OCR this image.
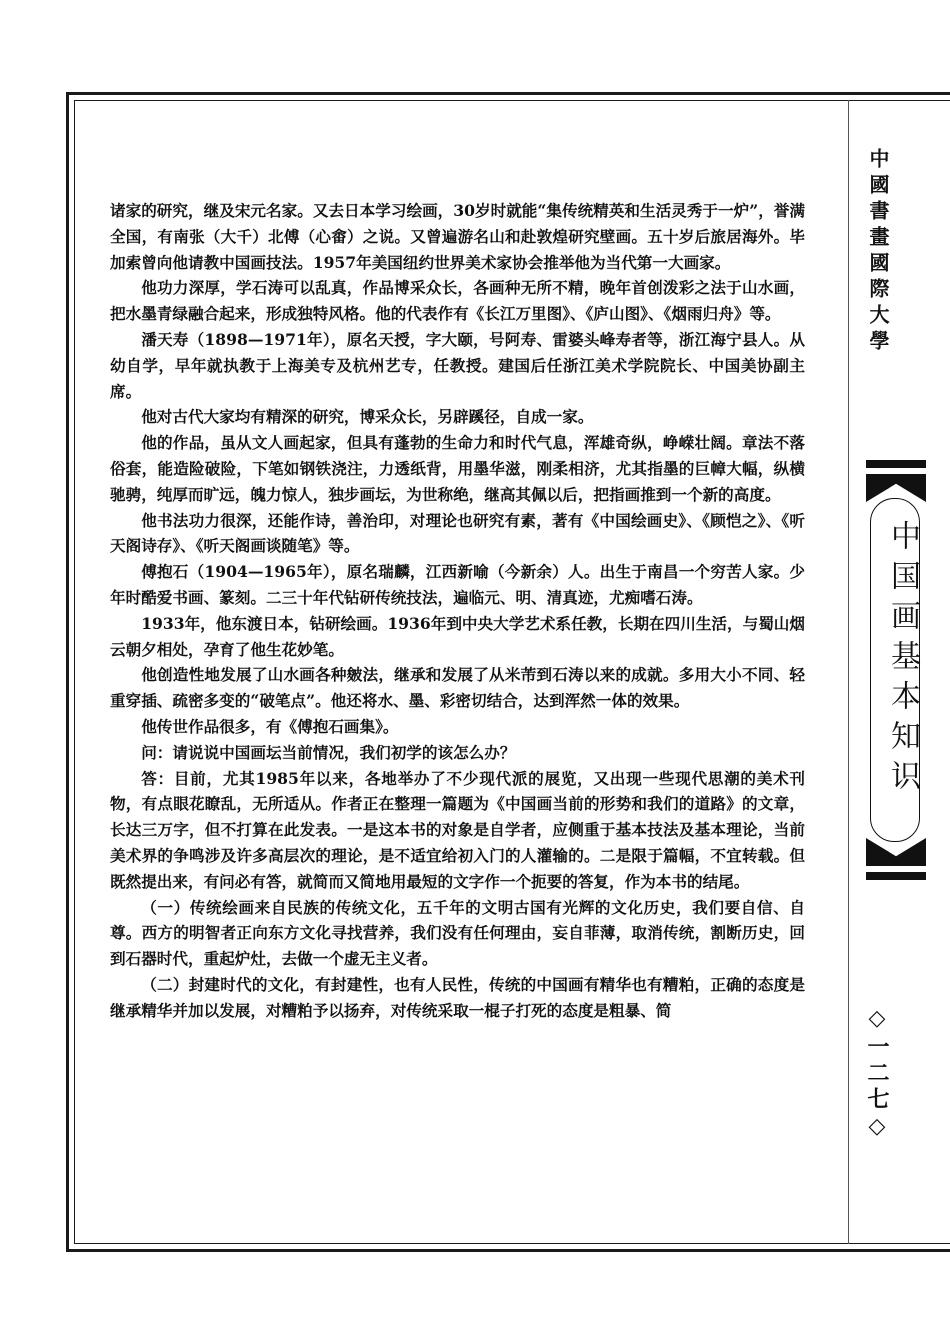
中國書畫國際大學
中国画基本知识
◇一二七◇

诸家的研究，继及宋元名家。又去日本学习绘画，30岁时就能“集传统精英和生活灵秀于一炉”，誉满全国，有南张（大千）北傅（心畬）之说。又曾遍游名山和赴敦煌研究壁画。五十岁后旅居海外。毕加索曾向他请教中国画技法。1957年美国纽约世界美术家协会推举他为当代第一大画家。

他功力深厚，学石涛可以乱真，作品博采众长，各画种无所不精，晚年首创泼彩之法于山水画，把水墨青绿融合起来，形成独特风格。他的代表作有《长江万里图》、《庐山图》、《烟雨归舟》等。

潘天寿（1898—1971年），原名天授，字大颐，号阿寿、雷婆头峰寿者等，浙江海宁县人。从幼自学，早年就执教于上海美专及杭州艺专，任教授。建国后任浙江美术学院院长、中国美协副主席。

他对古代大家均有精深的研究，博采众长，另辟蹊径，自成一家。

他的作品，虽从文人画起家，但具有蓬勃的生命力和时代气息，浑雄奇纵，峥嵘壮阔。章法不落俗套，能造险破险，下笔如钢铁浇注，力透纸背，用墨华滋，刚柔相济，尤其指墨的巨幛大幅，纵横驰骋，纯厚而旷远，魄力惊人，独步画坛，为世称绝，继高其佩以后，把指画推到一个新的高度。

他书法功力很深，还能作诗，善治印，对理论也研究有素，著有《中国绘画史》、《顾恺之》、《听天阁诗存》、《听天阁画谈随笔》等。

傅抱石（1904—1965年），原名瑞麟，江西新喻（今新余）人。出生于南昌一个穷苦人家。少年时酷爱书画、篆刻。二三十年代钻研传统技法，遍临元、明、清真迹，尤痴嗜石涛。

1933年，他东渡日本，钻研绘画。1936年到中央大学艺术系任教，长期在四川生活，与蜀山烟云朝夕相处，孕育了他生花妙笔。

他创造性地发展了山水画各种皴法，继承和发展了从米芾到石涛以来的成就。多用大小不同、轻重穿插、疏密多变的“破笔点”。他还将水、墨、彩密切结合，达到浑然一体的效果。

他传世作品很多，有《傅抱石画集》。

问：请说说中国画坛当前情况，我们初学的该怎么办？

答：目前，尤其1985年以来，各地举办了不少现代派的展览，又出现一些现代思潮的美术刊物，有点眼花瞭乱，无所适从。作者正在整理一篇题为《中国画当前的形势和我们的道路》的文章，长达三万字，但不打算在此发表。一是这本书的对象是自学者，应侧重于基本技法及基本理论，当前美术界的争鸣涉及许多高层次的理论，是不适宜给初入门的人灌输的。二是限于篇幅，不宜转载。但既然提出来，有问必有答，就简而又简地用最短的文字作一个扼要的答复，作为本书的结尾。

（一）传统绘画来自民族的传统文化，五千年的文明古国有光辉的文化历史，我们要自信、自尊。西方的明智者正向东方文化寻找营养，我们没有任何理由，妄自菲薄，取消传统，割断历史，回到石器时代，重起炉灶，去做一个虚无主义者。

（二）封建时代的文化，有封建性，也有人民性，传统的中国画有精华也有糟粕，正确的态度是继承精华并加以发展，对糟粕予以扬弃，对传统采取一棍子打死的态度是粗暴、简
